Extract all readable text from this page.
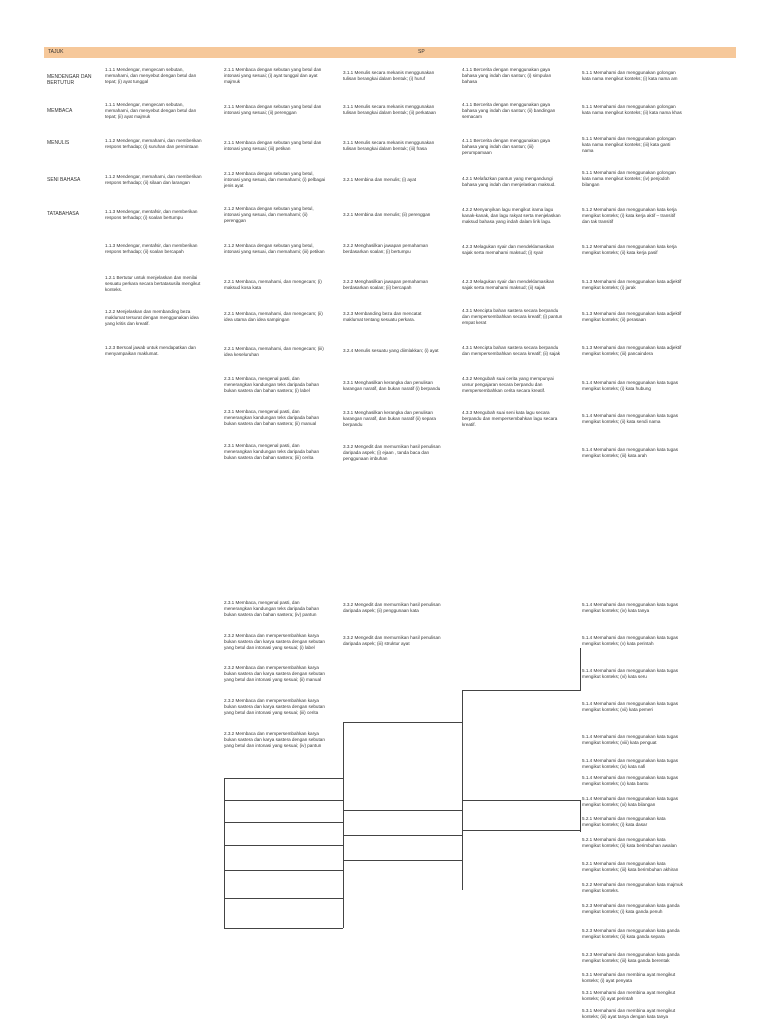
TAJUK	SP
MENDENGAR DAN BERTUTUR
MEMBACA
MENULIS
SENI BAHASA
TATABAHASA
1.1.1 Mendengar, mengecam sebutan,
memahami, dan menyebut dengan betul dan
tepat; (i) ayat tunggal
1.1.1 Mendengar, mengecam sebutan,
memahami, dan menyebut dengan betul dan
tepat; (ii) ayat majmuk
1.1.2 Mendengar, memahami, dan memberikan
respons terhadap; (i) suruhan dan permintaan
1.1.2 Mendengar, memahami, dan memberikan
respons terhadap; (ii) silaan dan larangan
1.1.3 Mendengar, mentafsir, dan memberikan
respons terhadap; (i) soalan bertumpu
1.1.3 Mendengar, mentafsir, dan memberikan
respons terhadap; (ii) soalan bercapah
1.2.1 Bertutur untuk menjelaskan dan menilai
sesuatu perkara secara bertatasusila mengikut
konteks.
1.2.2 Menjelaskan dan membanding beza
maklumat tersurat dengan menggunakan idea
yang kritis dan kreatif.
1.2.3 Bersoal jawab untuk mendapatkan dan
menyampaikan maklumat.
2.1.1 Membaca dengan sebutan yang betul dan
intonasi yang sesuai; (i) ayat tunggal dan ayat
majmuk
2.1.1 Membaca dengan sebutan yang betul dan
intonasi yang sesuai; (ii) perenggan
2.1.1 Membaca dengan sebutan yang betul dan
intonasi yang sesuai; (iii) petikan
2.1.2 Membaca dengan sebutan yang betul,
intonasi yang sesuai, dan memahami; (i) pelbagai
jenis ayat
2.1.2 Membaca dengan sebutan yang betul,
intonasi yang sesuai, dan memahami; (ii)
perenggan
2.1.2 Membaca dengan sebutan yang betul,
intonasi yang sesuai, dan memahami; (iii) petikan
2.2.1 Membaca, memahami, dan mengecam; (i)
maksud kosa kata
2.2.1 Membaca, memahami, dan mengecam; (ii)
idea utama dan idea sampingan
2.2.1 Membaca, memahami, dan mengecam; (iii)
idea keseluruhan
2.3.1 Membaca, mengenal pasti, dan
menerangkan kandungan teks daripada bahan
bukan sastera dan bahan sastera; (i) label
2.3.1 Membaca, mengenal pasti, dan
menerangkan kandungan teks daripada bahan
bukan sastera dan bahan sastera; (ii) manual
2.3.1 Membaca, mengenal pasti, dan
menerangkan kandungan teks daripada bahan
bukan sastera dan bahan sastera; (iii) cerita
2.3.1 Membaca, mengenal pasti, dan
menerangkan kandungan teks daripada bahan
bukan sastera dan bahan sastera; (iv) pantun
2.3.2 Membaca dan mempersembahkan karya
bukan sastera dan karya sastera dengan sebutan
yang betul dan intonasi yang sesuai; (i) label
2.3.2 Membaca dan mempersembahkan karya
bukan sastera dan karya sastera dengan sebutan
yang betul dan intonasi yang sesuai; (ii) manual
2.3.2 Membaca dan mempersembahkan karya
bukan sastera dan karya sastera dengan sebutan
yang betul dan intonasi yang sesuai; (iii) cerita
2.3.2 Membaca dan mempersembahkan karya
bukan sastera dan karya sastera dengan sebutan
yang betul dan intonasi yang sesuai; (iv) pantun
3.1.1 Menulis secara mekanis menggunakan
tulisan berangkai dalam bentuk; (i) huruf
3.1.1 Menulis secara mekanis menggunakan
tulisan berangkai dalam bentuk; (ii) perkataan
3.1.1 Menulis secara mekanis menggunakan
tulisan berangkai dalam bentuk; (iii) frasa
3.2.1 Membina dan menulis; (i) ayat
3.2.1 Membina dan menulis; (ii) perenggan
3.2.2 Menghasilkan jawapan pemahaman
berdasarkan soalan; (i) bertumpu
3.2.2 Menghasilkan jawapan pemahaman
berdasarkan soalan; (ii) bercapah
3.2.3 Membanding beza dan mencatat
maklumat tentang sesuatu perkara.
3.2.4 Menulis sesuatu yang diimlakkan; (i) ayat
3.3.1 Menghasilkan kerangka dan penulisan
karangan naratif, dan bukan naratif (i) berpandu
3.3.1 Menghasilkan kerangka dan penulisan
karangan naratif, dan bukan naratif (ii) separa
berpandu
3.3.2 Mengedit dan memurnikan hasil penulisan
daripada aspek; (i) ejaan , tanda baca dan
penggunaan imbuhan
3.3.2 Mengedit dan memurnikan hasil penulisan
daripada aspek; (ii) penggunaan kata
3.3.2 Mengedit dan memurnikan hasil penulisan
daripada aspek; (iii) struktur ayat
4.1.1 Bercerita dengan menggunakan gaya
bahasa yang indah dan santun; (i) simpulan
bahasa
4.1.1 Bercerita dengan menggunakan gaya
bahasa yang indah dan santun; (ii) bandingan
semacam
4.1.1 Bercerita dengan menggunakan gaya
bahasa yang indah dan santun; (iii)
perumpamaan
4.2.1 Melafazkan pantun yang mengandungi
bahasa yang indah dan menjelaskan maksud.
4.2.2 Menyanyikan lagu mengikut irama lagu
kanak-kanak, dan lagu rakyat serta menjelaskan
maksud bahasa yang indah dalam lirik lagu.
4.2.3 Melagukan syair dan mendeklamasikan
sajak serta memahami maksud; (i) syair
4.2.3 Melagukan syair dan mendeklamasikan
sajak serta memahami maksud; (ii) sajak
4.3.1 Mencipta bahan sastera secara berpandu
dan mempersembahkan secara kreatif; (i) pantun
empat kerat
4.3.1 Mencipta bahan sastera secara berpandu
dan mempersembahkan secara kreatif; (ii) sajak
4.3.2 Mengubah suai cerita yang mempunyai
unsur pengajaran secara berpandu dan
mempersembahkan cerita secara kreatif.
4.3.3 Mengubah suai seni kata lagu secara
berpandu dan mempersembahkan lagu secara
kreatif.
5.1.1 Memahami dan menggunakan golongan
kata nama mengikut konteks; (i) kata nama am
5.1.1 Memahami dan menggunakan golongan
kata nama mengikut konteks; (ii) kata nama khas
5.1.1 Memahami dan menggunakan golongan
kata nama mengikut konteks; (iii) kata ganti
nama
5.1.1 Memahami dan menggunakan golongan
kata nama mengikut konteks; (iv) penjodoh
bilangan
5.1.2 Memahami dan menggunakan kata kerja
mengikut konteks; (i) kata kerja aktif – transitif
dan tak transitif
5.1.2 Memahami dan menggunakan kata kerja
mengikut konteks; (ii) kata kerja pasif
5.1.3 Memahami dan menggunakan kata adjektif
mengikut konteks; (i) jarak
5.1.3 Memahami dan menggunakan kata adjektif
mengikut konteks; (ii) perasaan
5.1.3 Memahami dan menggunakan kata adjektif
mengikut konteks; (iii) pancaindera
5.1.4 Memahami dan menggunakan kata tugas
mengikut konteks; (i) kata hubung
5.1.4 Memahami dan menggunakan kata tugas
mengikut konteks; (ii) kata sendi nama
5.1.4 Memahami dan menggunakan kata tugas
mengikut konteks; (iii) kata arah
5.1.4 Memahami dan menggunakan kata tugas
mengikut konteks; (iv) kata tanya
5.1.4 Memahami dan menggunakan kata tugas
mengikut konteks; (v) kata perintah
5.1.4 Memahami dan menggunakan kata tugas
mengikut konteks; (vi) kata seru
5.1.4 Memahami dan menggunakan kata tugas
mengikut konteks; (vii) kata pemeri
5.1.4 Memahami dan menggunakan kata tugas
mengikut konteks; (viii) kata penguat
5.1.4 Memahami dan menggunakan kata tugas
mengikut konteks; (ix) kata nafi
5.1.4 Memahami dan menggunakan kata tugas
mengikut konteks; (x) kata bantu
5.1.4 Memahami dan menggunakan kata tugas
mengikut konteks; (xi) kata bilangan
5.2.1 Memahami dan menggunakan kata
mengikut konteks; (i) kata dasar
5.2.1 Memahami dan menggunakan kata
mengikut konteks; (ii) kata berimbuhan awalan
5.2.1 Memahami dan menggunakan kata
mengikut konteks; (iii) kata berimbuhan akhiran
5.2.2 Memahami dan menggunakan kata majmuk
mengikut konteks.
5.2.3 Memahami dan menggunakan kata ganda
mengikut konteks; (i) kata ganda penuh
5.2.3 Memahami dan menggunakan kata ganda
mengikut konteks; (ii) kata ganda separa
5.2.3 Memahami dan menggunakan kata ganda
mengikut konteks; (iii) kata ganda berentak
5.3.1 Memahami dan membina ayat mengikut
konteks; (i) ayat penyata
5.3.1 Memahami dan membina ayat mengikut
konteks; (ii) ayat perintah
5.3.1 Memahami dan membina ayat mengikut
konteks; (iii) ayat tanya dengan kata tanya
